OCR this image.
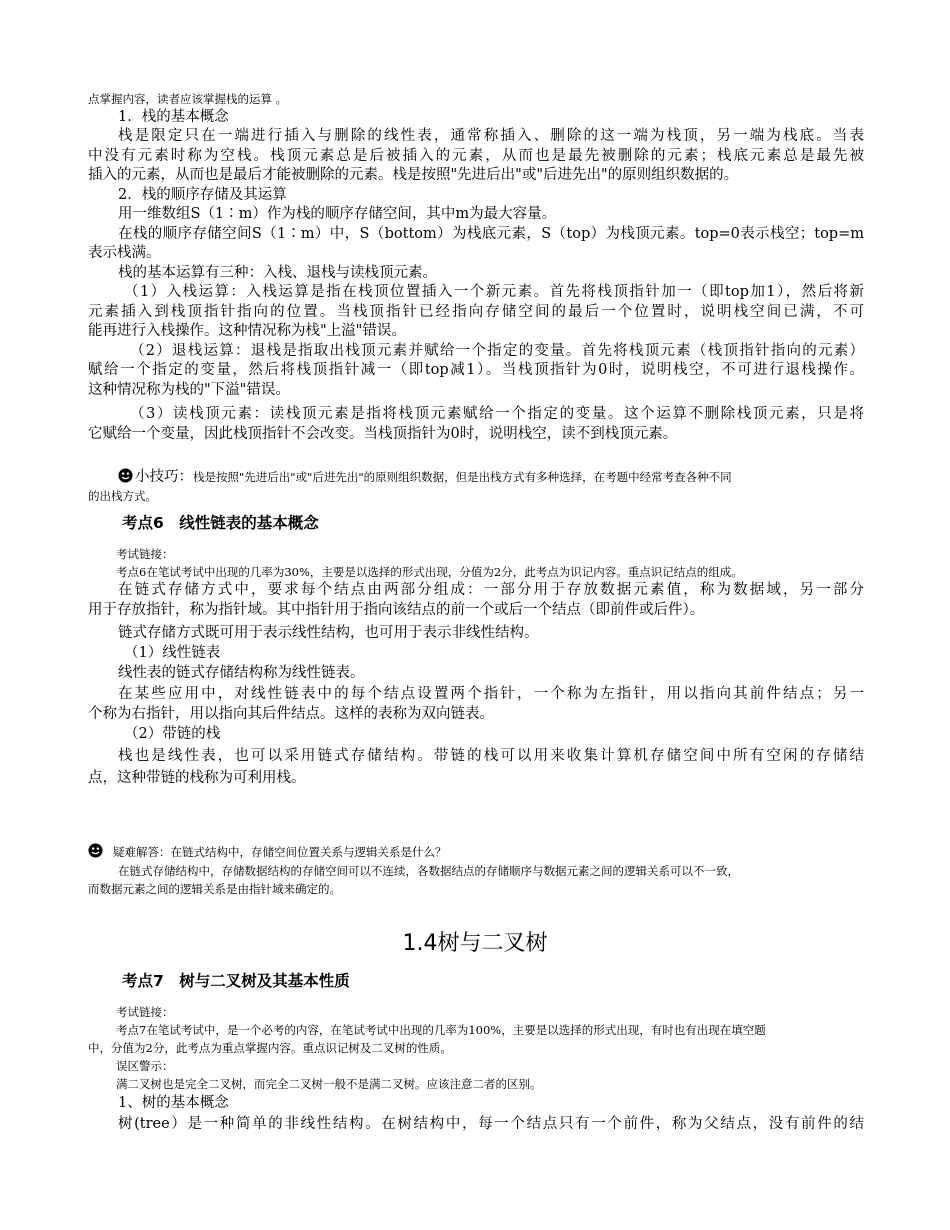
点掌握内容，读者应该掌握栈的运算 。
1．栈的基本概念
栈是限定只在一端进行插入与删除的线性表，通常称插入、删除的这一端为栈顶，另一端为栈底。当表
中没有元素时称为空栈。栈顶元素总是后被插入的元素，从而也是最先被删除的元素；栈底元素总是最先被
插入的元素，从而也是最后才能被删除的元素。栈是按照"先进后出"或"后进先出"的原则组织数据的。
2．栈的顺序存储及其运算
用一维数组S（1∶m）作为栈的顺序存储空间，其中m为最大容量。
在栈的顺序存储空间S（1∶m）中，S（bottom）为栈底元素，S（top）为栈顶元素。top=0表示栈空；top=m
表示栈满。
栈的基本运算有三种：入栈、退栈与读栈顶元素。
（1）入栈运算：入栈运算是指在栈顶位置插入一个新元素。首先将栈顶指针加一（即top加1），然后将新
元素插入到栈顶指针指向的位置。当栈顶指针已经指向存储空间的最后一个位置时，说明栈空间已满，不可
能再进行入栈操作。这种情况称为栈"上溢"错误。
（2）退栈运算：退栈是指取出栈顶元素并赋给一个指定的变量。首先将栈顶元素（栈顶指针指向的元素）
赋给一个指定的变量，然后将栈顶指针减一（即top减1）。当栈顶指针为0时，说明栈空，不可进行退栈操作。
这种情况称为栈的"下溢"错误。
（3）读栈顶元素：读栈顶元素是指将栈顶元素赋给一个指定的变量。这个运算不删除栈顶元素，只是将
它赋给一个变量，因此栈顶指针不会改变。当栈顶指针为0时，说明栈空，读不到栈顶元素。
小技巧：栈是按照"先进后出"或"后进先出"的原则组织数据，但是出栈方式有多种选择，在考题中经常考查各种不同
的出栈方式。
考点6　线性链表的基本概念
考试链接：
考点6在笔试考试中出现的几率为30%，主要是以选择的形式出现，分值为2分，此考点为识记内容。重点识记结点的组成。
在链式存储方式中，要求每个结点由两部分组成：一部分用于存放数据元素值，称为数据域，另一部分
用于存放指针，称为指针域。其中指针用于指向该结点的前一个或后一个结点（即前件或后件）。
链式存储方式既可用于表示线性结构，也可用于表示非线性结构。
（1）线性链表
线性表的链式存储结构称为线性链表。
在某些应用中，对线性链表中的每个结点设置两个指针，一个称为左指针，用以指向其前件结点；另一
个称为右指针，用以指向其后件结点。这样的表称为双向链表。
（2）带链的栈
栈也是线性表，也可以采用链式存储结构。带链的栈可以用来收集计算机存储空间中所有空闲的存储结
点，这种带链的栈称为可利用栈。
疑难解答：在链式结构中，存储空间位置关系与逻辑关系是什么？
在链式存储结构中，存储数据结构的存储空间可以不连续，各数据结点的存储顺序与数据元素之间的逻辑关系可以不一致，
而数据元素之间的逻辑关系是由指针域来确定的。
1.4树与二叉树
考点7　树与二叉树及其基本性质
考试链接：
考点7在笔试考试中，是一个必考的内容，在笔试考试中出现的几率为100%，主要是以选择的形式出现，有时也有出现在填空题
中，分值为2分，此考点为重点掌握内容。重点识记树及二叉树的性质。
误区警示：
满二叉树也是完全二叉树，而完全二叉树一般不是满二叉树。应该注意二者的区别。
1、树的基本概念
树(tree）是一种简单的非线性结构。在树结构中，每一个结点只有一个前件，称为父结点，没有前件的结
